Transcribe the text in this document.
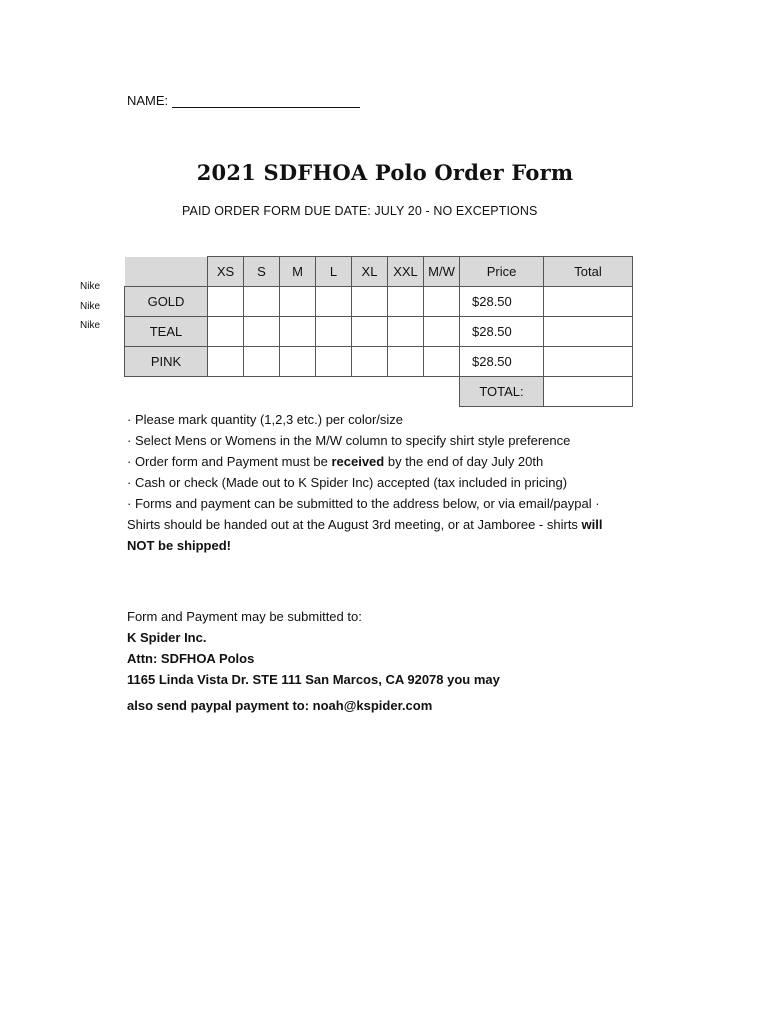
NAME:
2021 SDFHOA Polo Order Form
PAID ORDER FORM DUE DATE: JULY 20 - NO EXCEPTIONS
Nike
Nike
Nike
	XS	S	M	L	XL	XXL	M/W	Price	Total
GOLD								$28.50	
TEAL								$28.50	
PINK								$28.50	
								TOTAL:	

· Please mark quantity (1,2,3 etc.) per color/size

· Select Mens or Womens in the M/W column to specify shirt style preference

· Order form and Payment must be received by the end of day July 20th

· Cash or check (Made out to K Spider Inc) accepted (tax included in pricing)

· Forms and payment can be submitted to the address below, or via email/paypal ·

Shirts should be handed out at the August 3rd meeting, or at Jamboree - shirts will

NOT be shipped!

Form and Payment may be submitted to:

K Spider Inc.

Attn: SDFHOA Polos

1165 Linda Vista Dr. STE 111 San Marcos, CA 92078 you may

also send paypal payment to: noah@kspider.com
